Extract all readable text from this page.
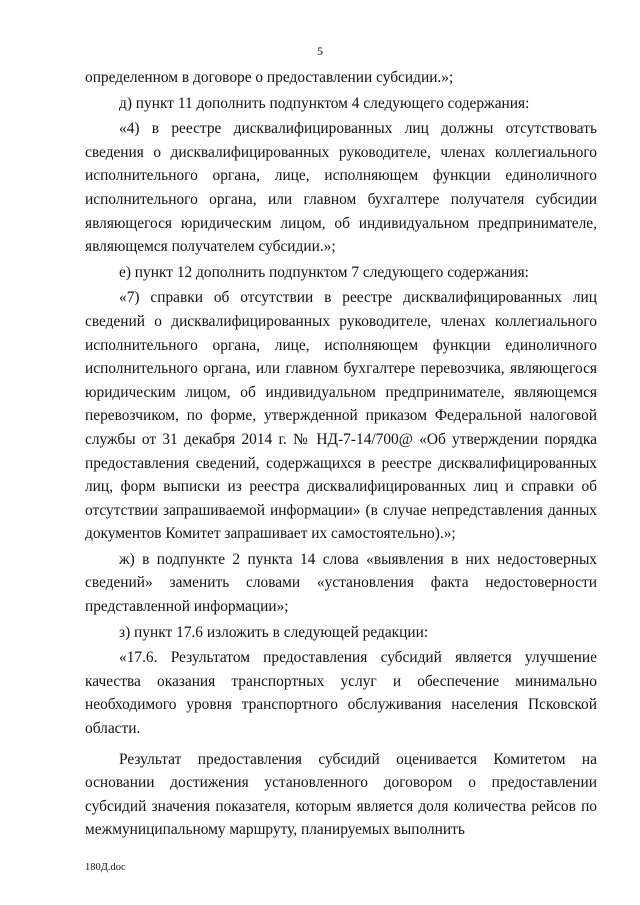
5

определенном в договоре о предоставлении субсидии.»;

д) пункт 11 дополнить подпунктом 4 следующего содержания:

«4) в реестре дисквалифицированных лиц должны отсутствовать сведения о дисквалифицированных руководителе, членах коллегиального исполнительного органа, лице, исполняющем функции единоличного исполнительного органа, или главном бухгалтере получателя субсидии являющегося юридическим лицом, об индивидуальном предпринимателе, являющемся получателем субсидии.»;

е) пункт 12 дополнить подпунктом 7 следующего содержания:

«7) справки об отсутствии в реестре дисквалифицированных лиц сведений о дисквалифицированных руководителе, членах коллегиального исполнительного органа, лице, исполняющем функции единоличного исполнительного органа, или главном бухгалтере перевозчика, являющегося юридическим лицом, об индивидуальном предпринимателе, являющемся перевозчиком, по форме, утвержденной приказом Федеральной налоговой службы от 31 декабря 2014 г. № НД-7-14/700@ «Об утверждении порядка предоставления сведений, содержащихся в реестре дисквалифицированных лиц, форм выписки из реестра дисквалифицированных лиц и справки об отсутствии запрашиваемой информации» (в случае непредставления данных документов Комитет запрашивает их самостоятельно).»;

ж) в подпункте 2 пункта 14 слова «выявления в них недостоверных сведений» заменить словами «установления факта недостоверности представленной информации»;

з) пункт 17.6 изложить в следующей редакции:

«17.6. Результатом предоставления субсидий является улучшение качества оказания транспортных услуг и обеспечение минимально необходимого уровня транспортного обслуживания населения Псковской области.

Результат предоставления субсидий оценивается Комитетом на основании достижения установленного договором о предоставлении субсидий значения показателя, которым является доля количества рейсов по межмуниципальному маршруту, планируемых выполнить

180Д.doc
